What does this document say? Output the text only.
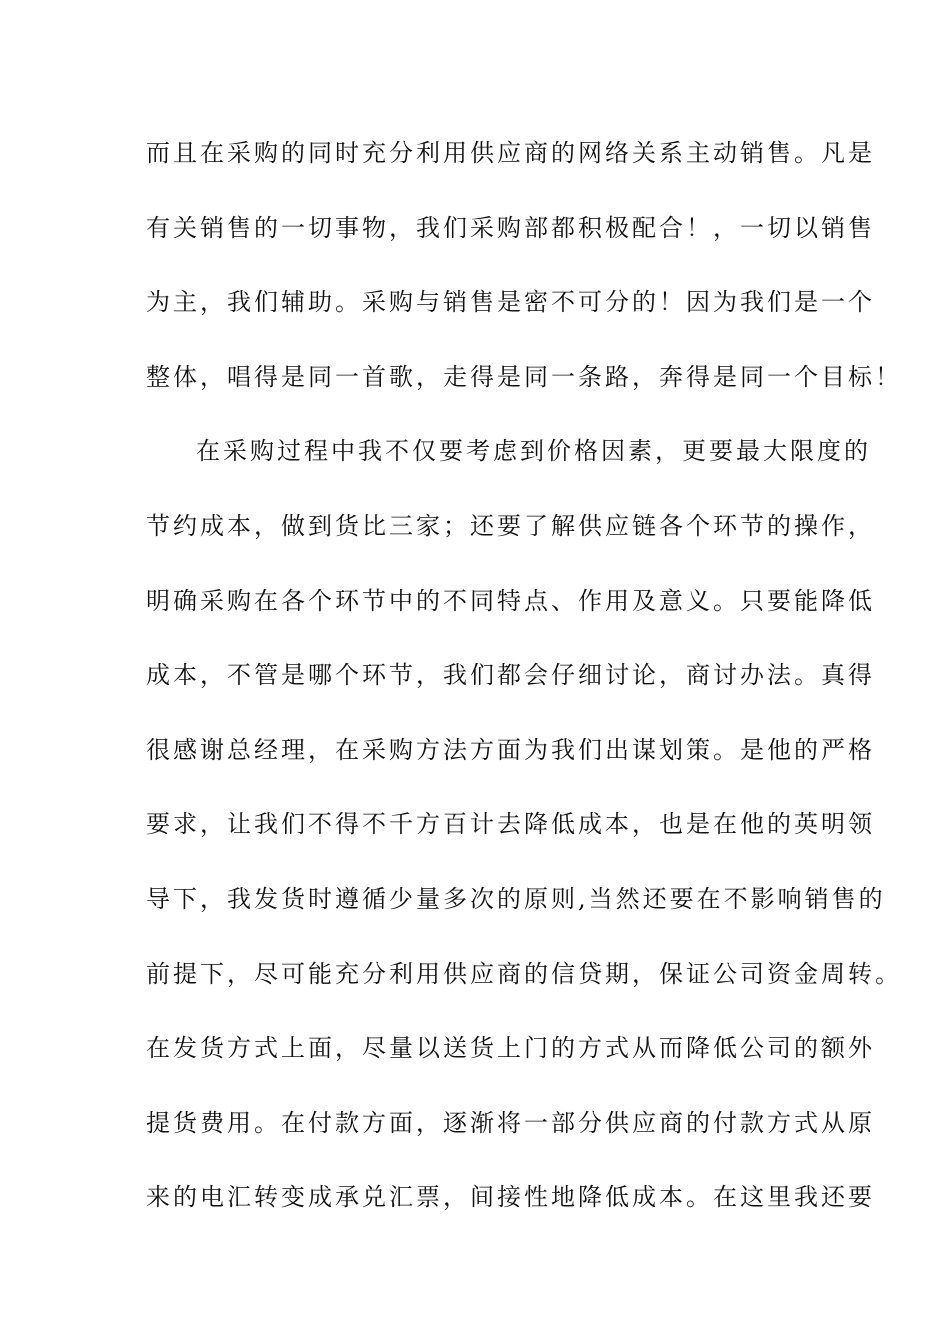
而且在采购的同时充分利用供应商的网络关系主动销售。凡是
有关销售的一切事物，我们采购部都积极配合！，一切以销售
为主，我们辅助。采购与销售是密不可分的！因为我们是一个
整体，唱得是同一首歌，走得是同一条路，奔得是同一个目标！
在采购过程中我不仅要考虑到价格因素，更要最大限度的
节约成本，做到货比三家；还要了解供应链各个环节的操作，
明确采购在各个环节中的不同特点、作用及意义。只要能降低
成本，不管是哪个环节，我们都会仔细讨论，商讨办法。真得
很感谢总经理，在采购方法方面为我们出谋划策。是他的严格
要求，让我们不得不千方百计去降低成本，也是在他的英明领
导下，我发货时遵循少量多次的原则,当然还要在不影响销售的
前提下，尽可能充分利用供应商的信贷期，保证公司资金周转。
在发货方式上面，尽量以送货上门的方式从而降低公司的额外
提货费用。在付款方面，逐渐将一部分供应商的付款方式从原
来的电汇转变成承兑汇票，间接性地降低成本。在这里我还要
